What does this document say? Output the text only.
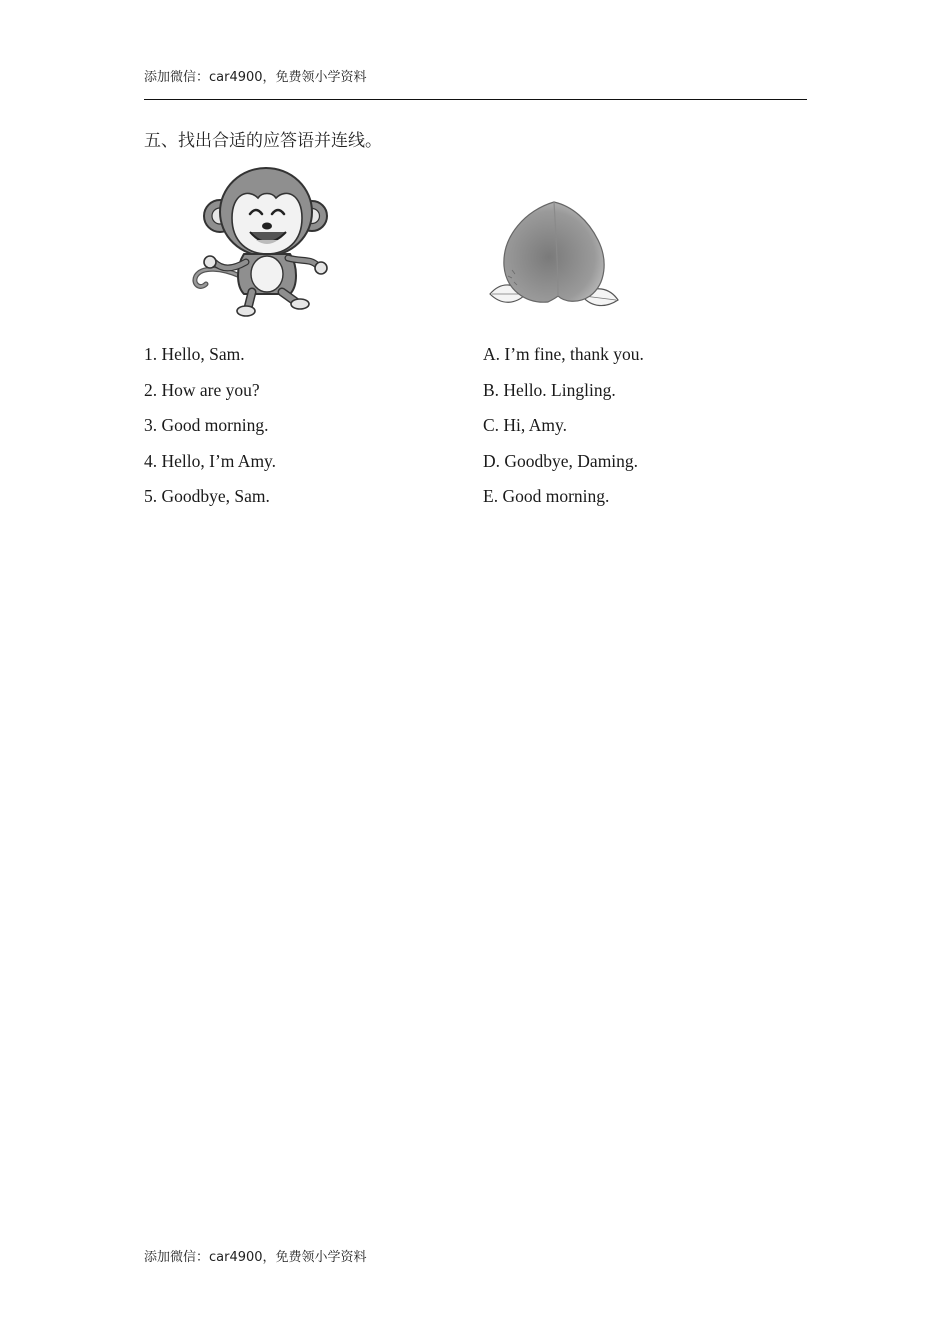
添加微信：car4900，免费领小学资料
五、找出合适的应答语并连线。
1. Hello, Sam.
2. How are you?
3. Good morning.
4. Hello, I’m Amy.
5. Goodbye, Sam.
A. I’m fine, thank you.
B. Hello. Lingling.
C. Hi, Amy.
D. Goodbye, Daming.
E. Good morning.
添加微信：car4900，免费领小学资料
